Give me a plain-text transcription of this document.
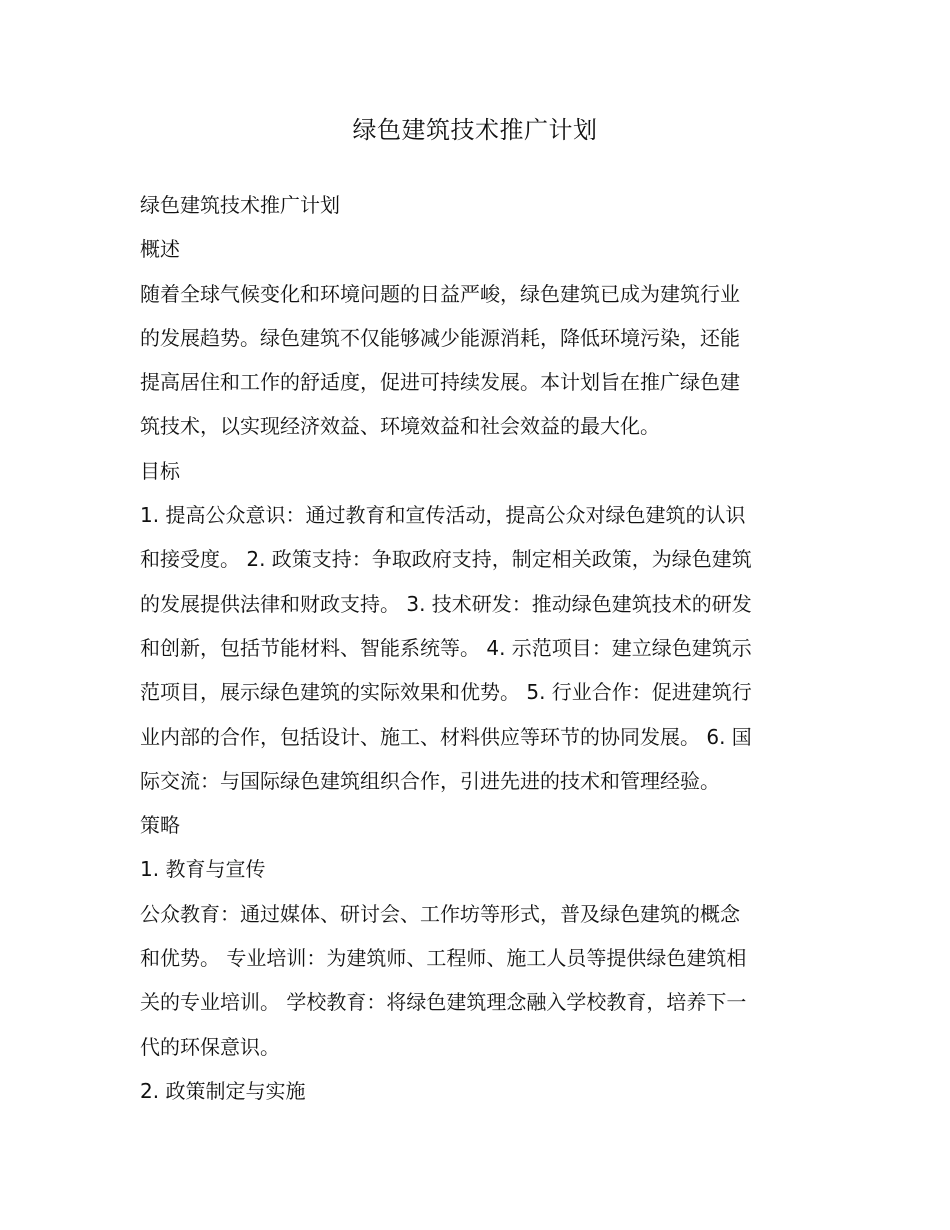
绿色建筑技术推广计划
绿色建筑技术推广计划
概述
随着全球气候变化和环境问题的日益严峻，绿色建筑已成为建筑行业
的发展趋势。绿色建筑不仅能够减少能源消耗，降低环境污染，还能
提高居住和工作的舒适度，促进可持续发展。本计划旨在推广绿色建
筑技术，以实现经济效益、环境效益和社会效益的最大化。
目标
1. 提高公众意识：通过教育和宣传活动，提高公众对绿色建筑的认识
和接受度。 2. 政策支持：争取政府支持，制定相关政策，为绿色建筑
的发展提供法律和财政支持。 3. 技术研发：推动绿色建筑技术的研发
和创新，包括节能材料、智能系统等。 4. 示范项目：建立绿色建筑示
范项目，展示绿色建筑的实际效果和优势。 5. 行业合作：促进建筑行
业内部的合作，包括设计、施工、材料供应等环节的协同发展。 6. 国
际交流：与国际绿色建筑组织合作，引进先进的技术和管理经验。
策略
1. 教育与宣传
公众教育：通过媒体、研讨会、工作坊等形式，普及绿色建筑的概念
和优势。 专业培训：为建筑师、工程师、施工人员等提供绿色建筑相
关的专业培训。 学校教育：将绿色建筑理念融入学校教育，培养下一
代的环保意识。
2. 政策制定与实施
